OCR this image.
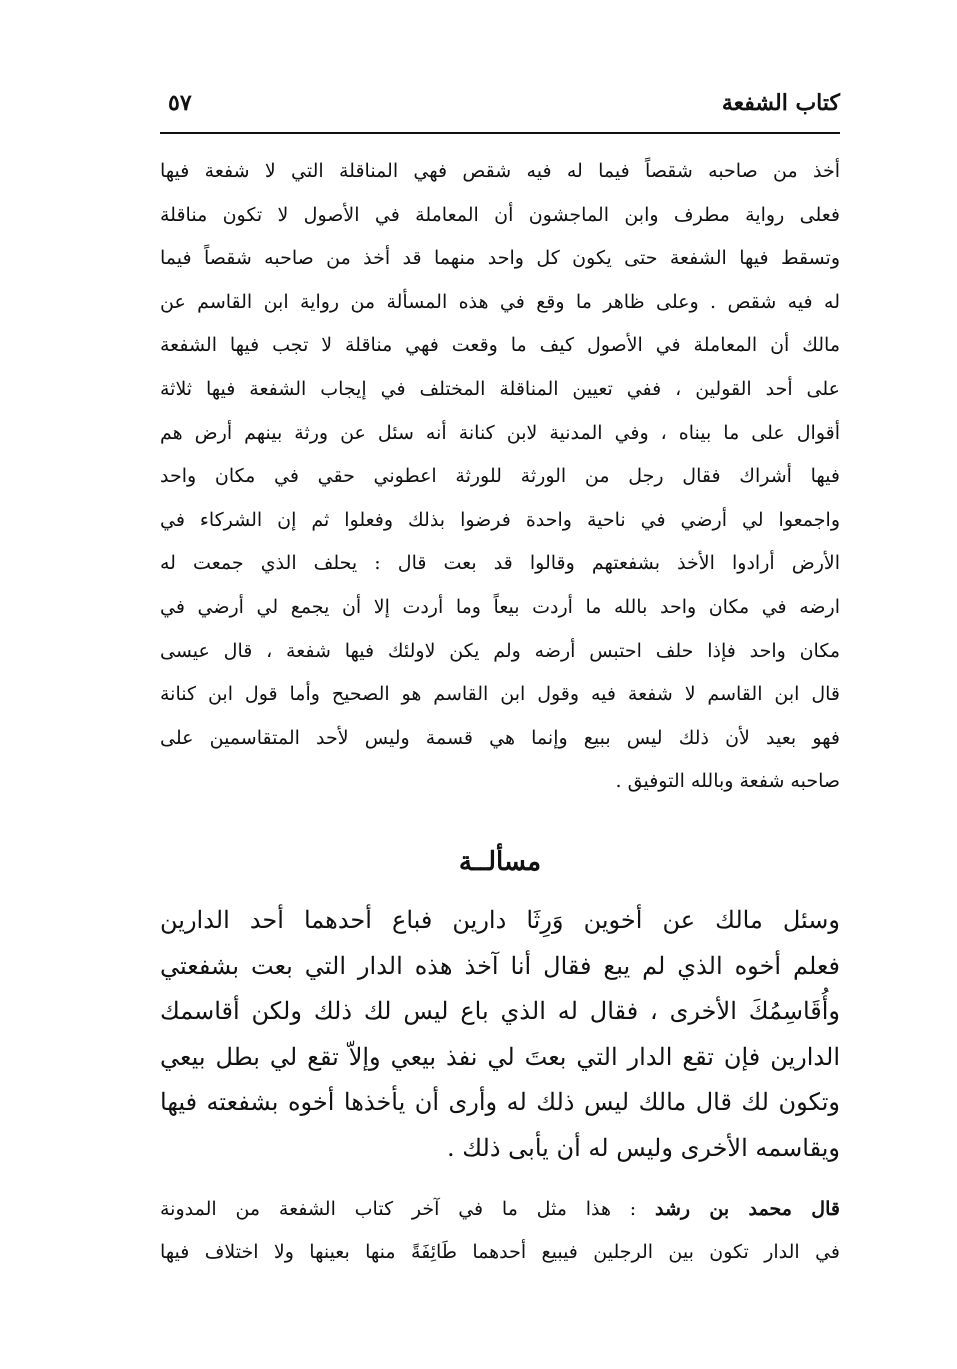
كتاب الشفعة
٥٧
أخذ من صاحبه شقصاً فيما له فيه شقص فهي المناقلة التي لا شفعة فيها
فعلى رواية مطرف وابن الماجشون أن المعاملة في الأصول لا تكون مناقلة
وتسقط فيها الشفعة حتى يكون كل واحد منهما قد أخذ من صاحبه شقصاً فيما
له فيه شقص . وعلى ظاهر ما وقع في هذه المسألة من رواية ابن القاسم عن
مالك أن المعاملة في الأصول كيف ما وقعت فهي مناقلة لا تجب فيها الشفعة
على أحد القولين ، ففي تعيين المناقلة المختلف في إيجاب الشفعة فيها ثلاثة
أقوال على ما بيناه ، وفي المدنية لابن كنانة أنه سئل عن ورثة بينهم أرض هم
فيها أشراك فقال رجل من الورثة للورثة اعطوني حقي في مكان واحد
واجمعوا لي أرضي في ناحية واحدة فرضوا بذلك وفعلوا ثم إن الشركاء في
الأرض أرادوا الأخذ بشفعتهم وقالوا قد بعت قال : يحلف الذي جمعت له
ارضه في مكان واحد بالله ما أردت بيعاً وما أردت إلا أن يجمع لي أرضي في
مكان واحد فإذا حلف احتبس أرضه ولم يكن لاولئك فيها شفعة ، قال عيسى
قال ابن القاسم لا شفعة فيه وقول ابن القاسم هو الصحيح وأما قول ابن كنانة
فهو بعيد لأن ذلك ليس ببيع وإنما هي قسمة وليس لأحد المتقاسمين على
صاحبه شفعة وبالله التوفيق .
مسألــة
وسئل مالك عن أخوين وَرِثَا دارين فباع أحدهما أحد الدارين
فعلم أخوه الذي لم يبع فقال أنا آخذ هذه الدار التي بعت بشفعتي
وأُقَاسِمُكَ الأخرى ، فقال له الذي باع ليس لك ذلك ولكن أقاسمك
الدارين فإن تقع الدار التي بعتَ لي نفذ بيعي وإلاّ تقع لي بطل بيعي
وتكون لك قال مالك ليس ذلك له وأرى أن يأخذها أخوه بشفعته فيها
ويقاسمه الأخرى وليس له أن يأبى ذلك .
قال محمد بن رشد : هذا مثل ما في آخر كتاب الشفعة من المدونة
في الدار تكون بين الرجلين فيبيع أحدهما طَائِفَةً منها بعينها ولا اختلاف فيها
